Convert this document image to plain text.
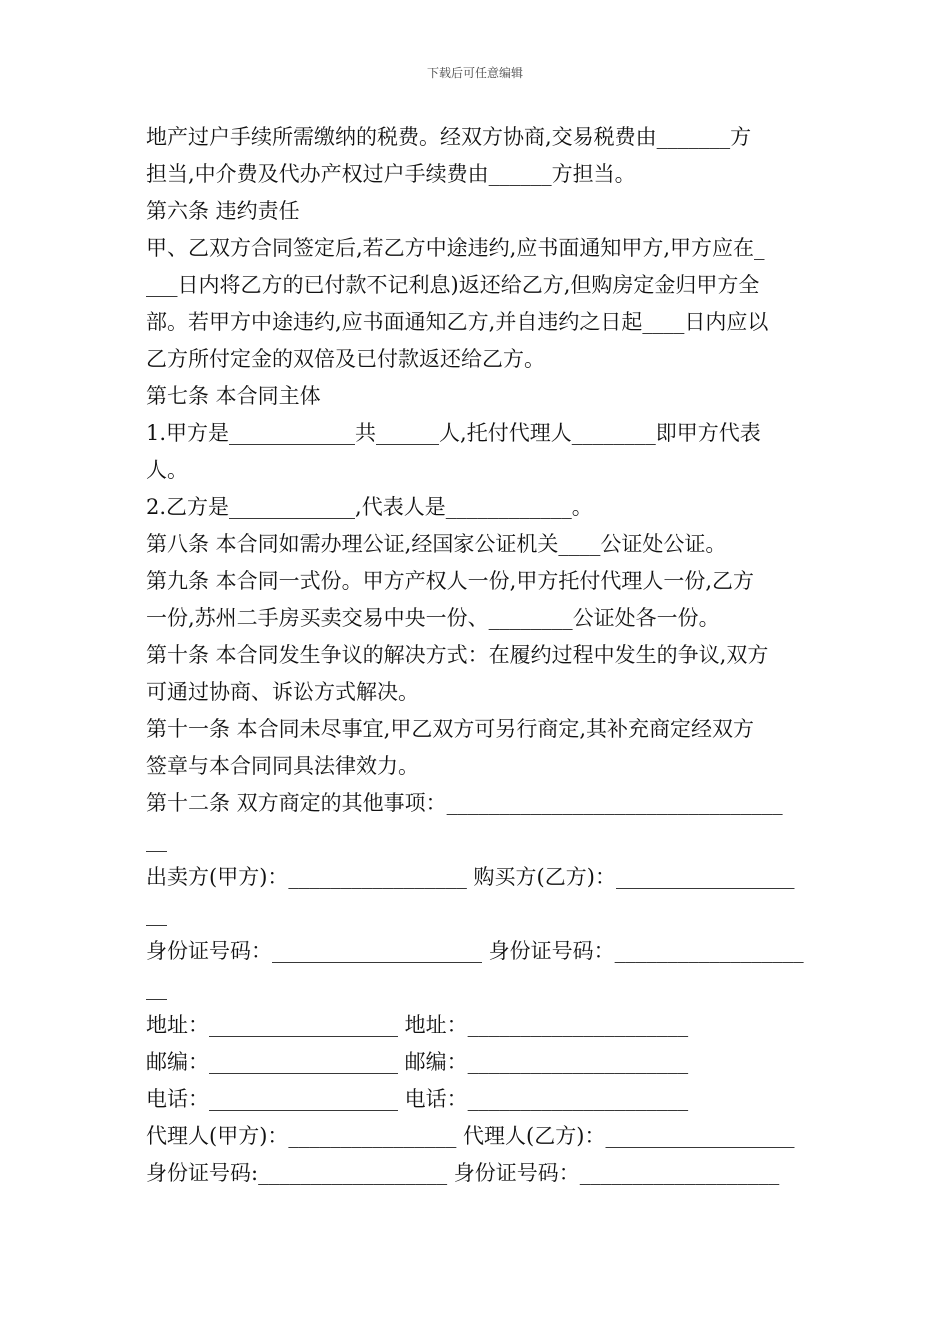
下载后可任意编辑
地产过户手续所需缴纳的税费。经双方协商,交易税费由_______方
担当,中介费及代办产权过户手续费由______方担当。
第六条 违约责任
甲、乙双方合同签定后,若乙方中途违约,应书面通知甲方,甲方应在_
___日内将乙方的已付款不记利息)返还给乙方,但购房定金归甲方全
部。若甲方中途违约,应书面通知乙方,并自违约之日起____日内应以
乙方所付定金的双倍及已付款返还给乙方。
第七条 本合同主体
1.甲方是____________共______人,托付代理人________即甲方代表
人。
2.乙方是____________,代表人是____________。
第八条 本合同如需办理公证,经国家公证机关____公证处公证。
第九条 本合同一式份。甲方产权人一份,甲方托付代理人一份,乙方
一份,苏州二手房买卖交易中央一份、________公证处各一份。
第十条 本合同发生争议的解决方式：在履约过程中发生的争议,双方
可通过协商、诉讼方式解决。
第十一条 本合同未尽事宜,甲乙双方可另行商定,其补充商定经双方
签章与本合同同具法律效力。
第十二条 双方商定的其他事项：________________________________
__
出卖方(甲方)：_________________ 购买方(乙方)：_________________
__
身份证号码：____________________ 身份证号码：__________________
__
地址：__________________ 地址：_____________________
邮编：__________________ 邮编：_____________________
电话：__________________ 电话：_____________________
代理人(甲方)：________________ 代理人(乙方)：__________________
身份证号码:__________________ 身份证号码：___________________
